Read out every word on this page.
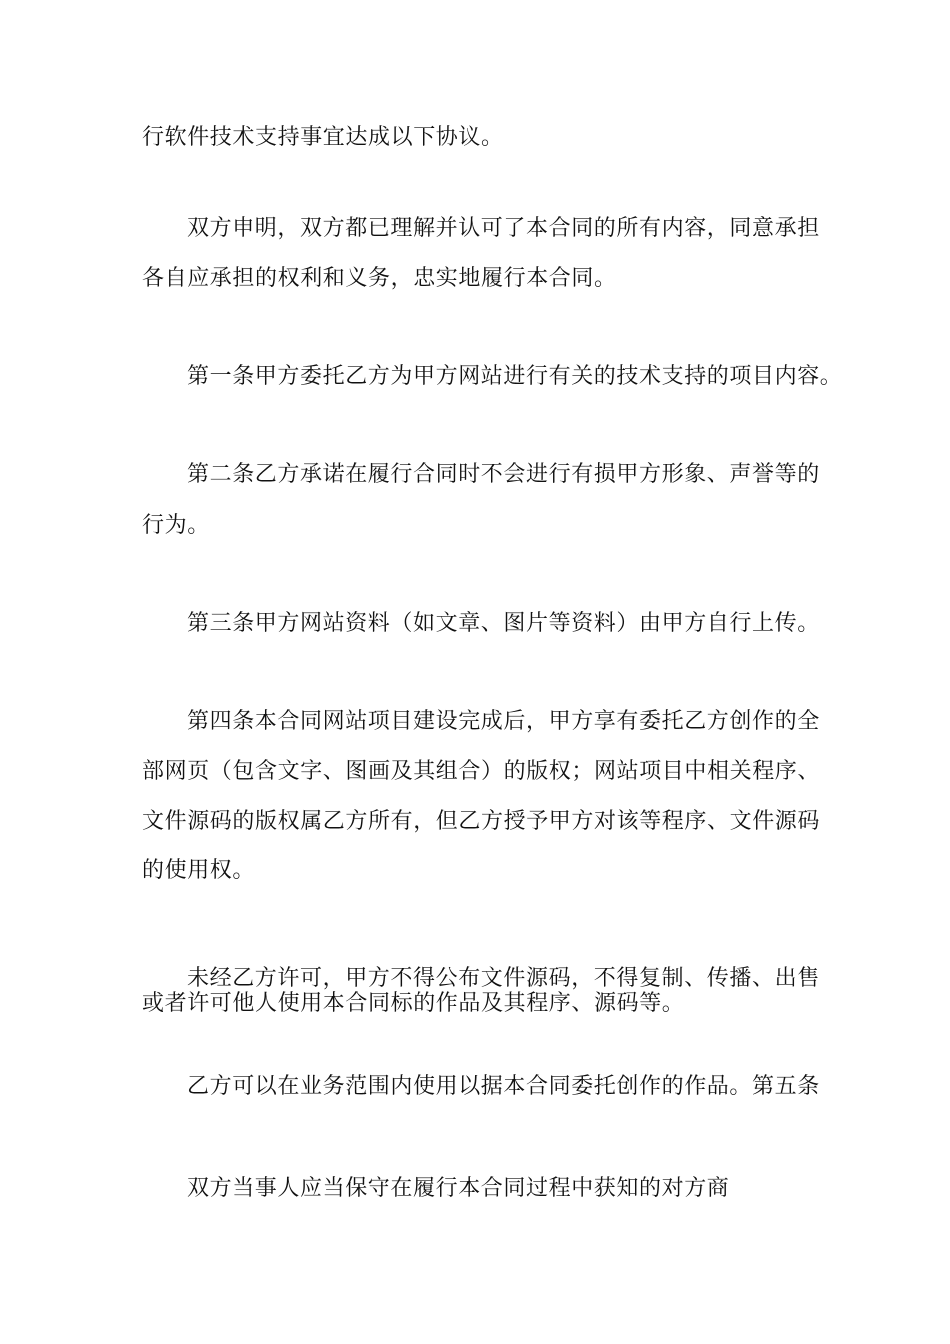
行软件技术支持事宜达成以下协议。
双方申明，双方都已理解并认可了本合同的所有内容，同意承担
各自应承担的权利和义务，忠实地履行本合同。
第一条甲方委托乙方为甲方网站进行有关的技术支持的项目内容。
第二条乙方承诺在履行合同时不会进行有损甲方形象、声誉等的
行为。
第三条甲方网站资料（如文章、图片等资料）由甲方自行上传。
第四条本合同网站项目建设完成后，甲方享有委托乙方创作的全
部网页（包含文字、图画及其组合）的版权；网站项目中相关程序、
文件源码的版权属乙方所有，但乙方授予甲方对该等程序、文件源码
的使用权。
未经乙方许可，甲方不得公布文件源码，不得复制、传播、出售
或者许可他人使用本合同标的作品及其程序、源码等。
乙方可以在业务范围内使用以据本合同委托创作的作品。第五条
双方当事人应当保守在履行本合同过程中获知的对方商
